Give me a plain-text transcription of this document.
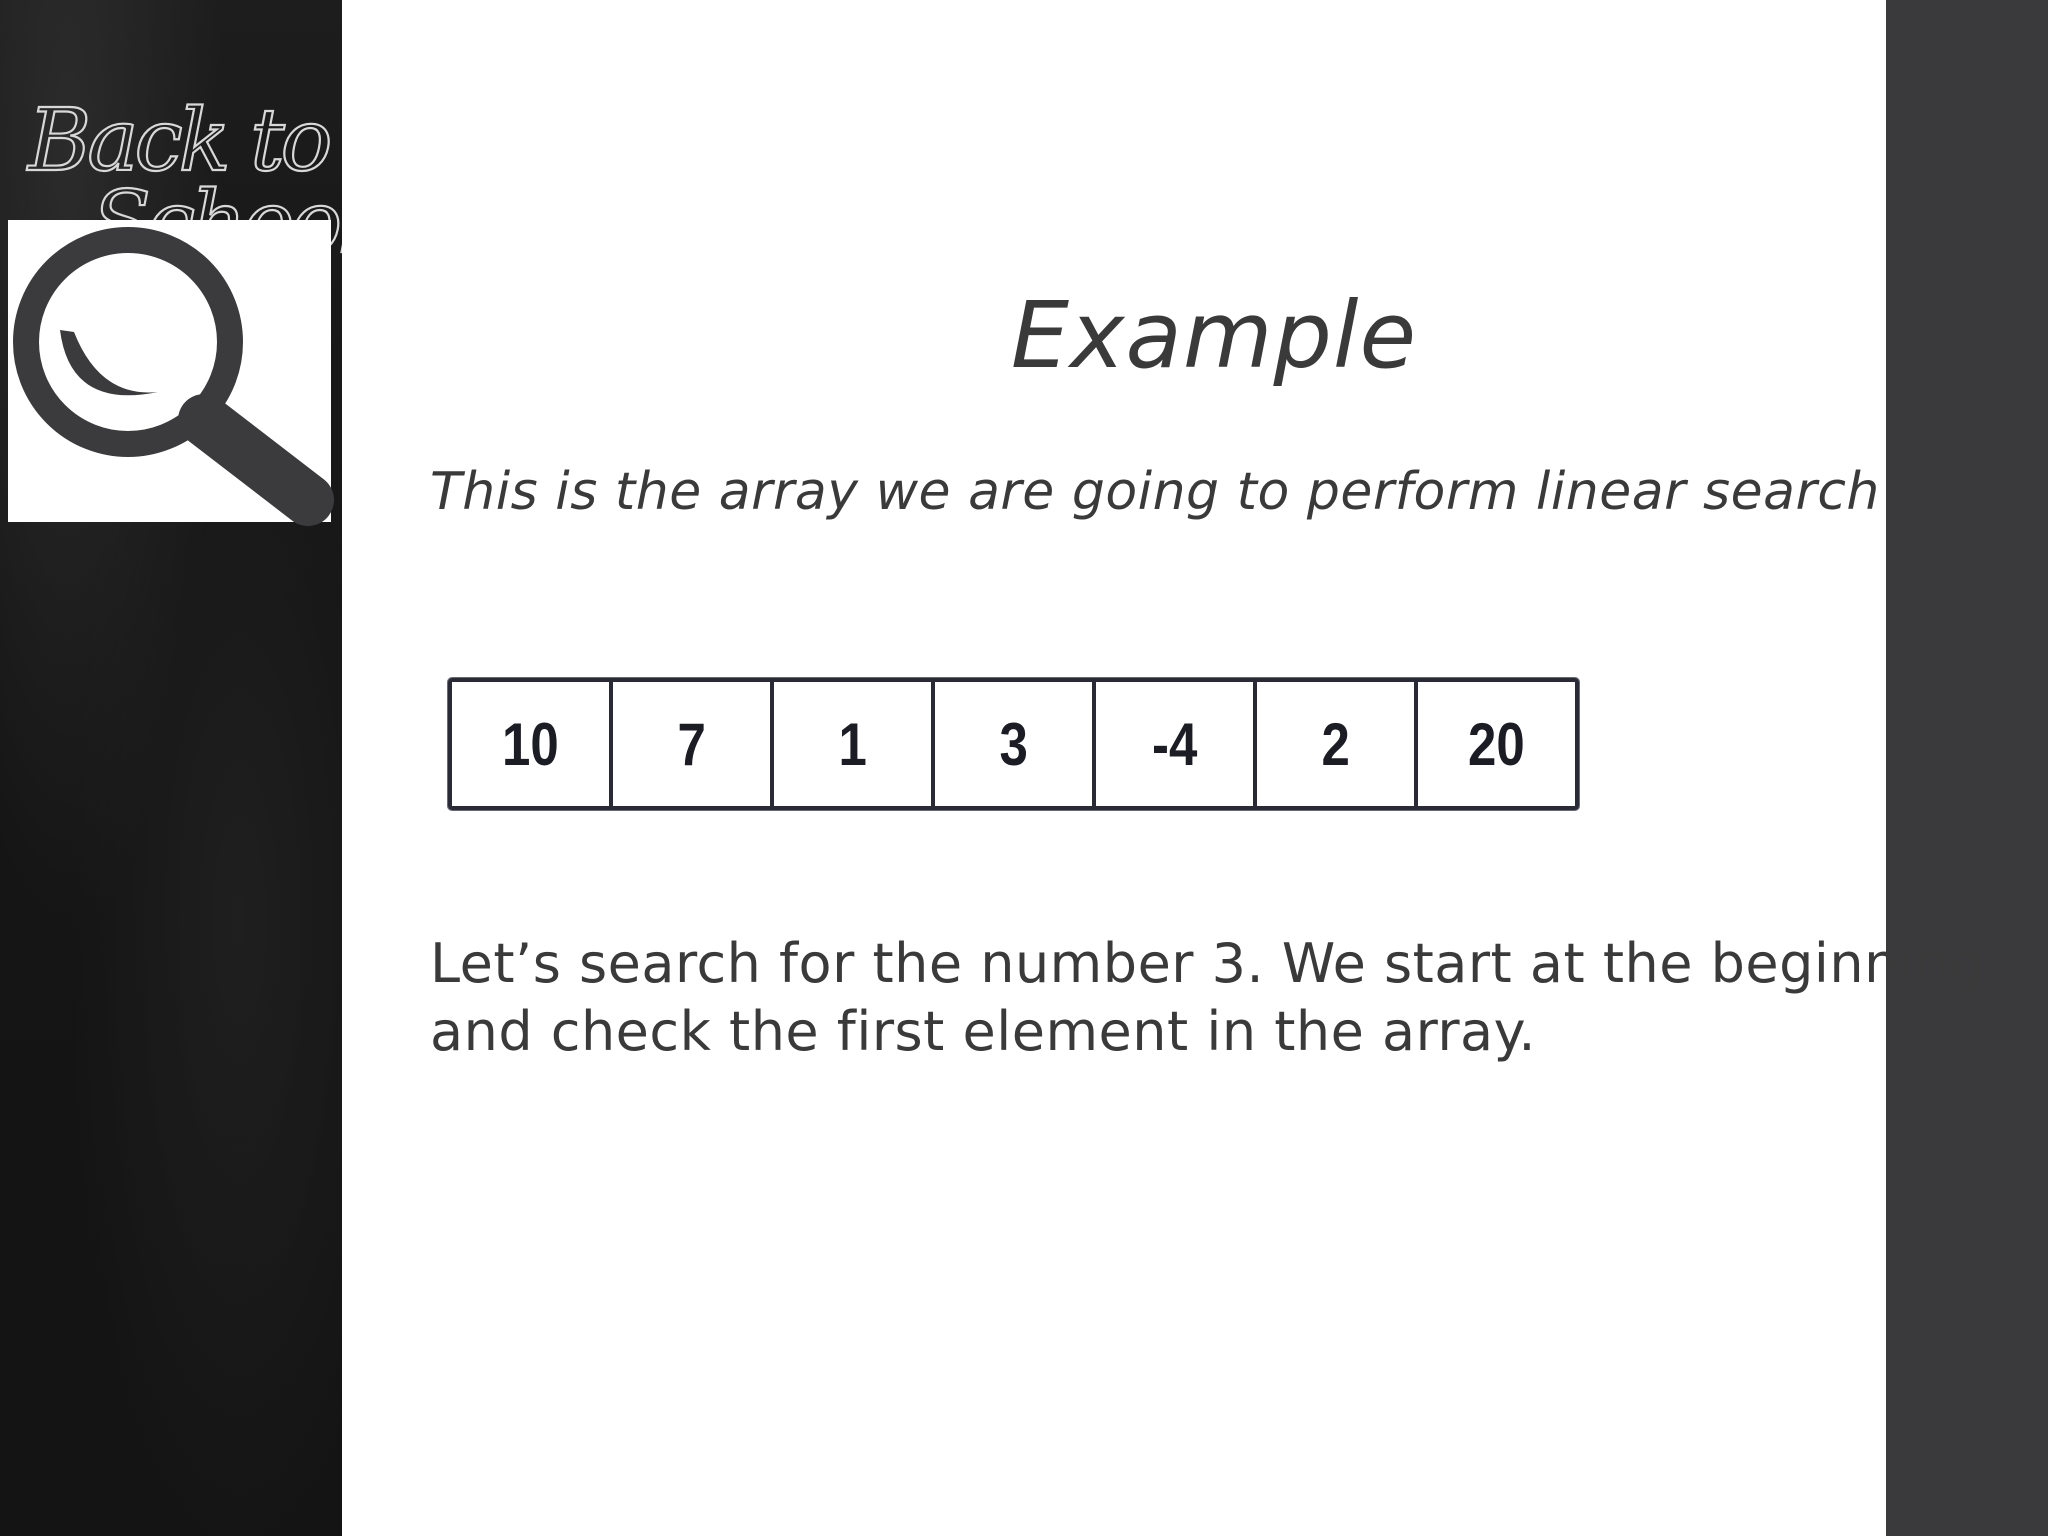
Back to
Example
This is the array we are going to perform linear search
10 7 1 3 -4 2 20
Let’s search for the number 3. We start at the beginning
and check the first element in the array.
